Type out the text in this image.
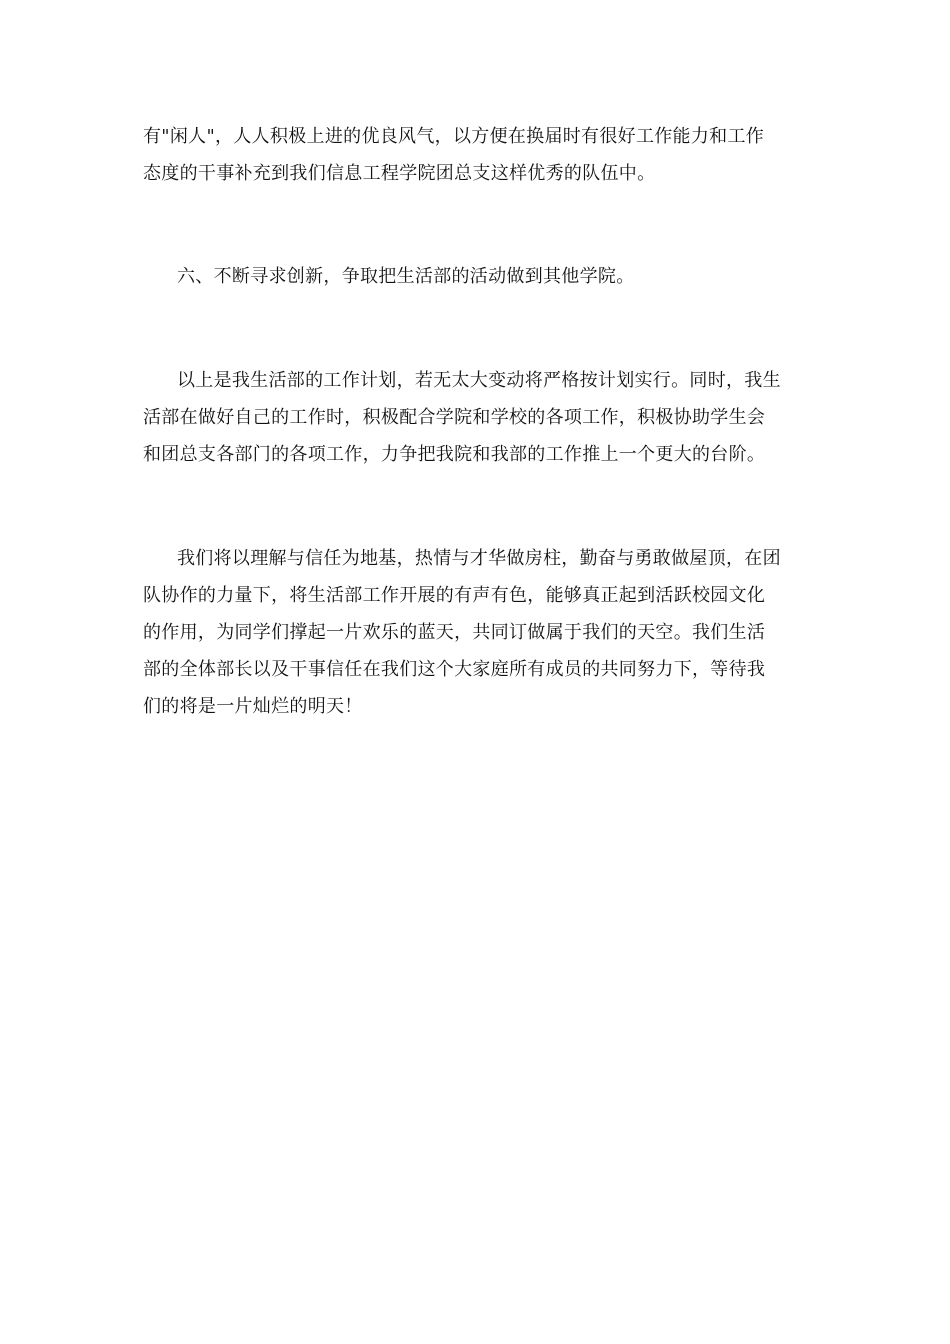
有"闲人"，人人积极上进的优良风气，以方便在换届时有很好工作能力和工作
态度的干事补充到我们信息工程学院团总支这样优秀的队伍中。

六、不断寻求创新，争取把生活部的活动做到其他学院。

以上是我生活部的工作计划，若无太大变动将严格按计划实行。同时，我生
活部在做好自己的工作时，积极配合学院和学校的各项工作，积极协助学生会
和团总支各部门的各项工作，力争把我院和我部的工作推上一个更大的台阶。

我们将以理解与信任为地基，热情与才华做房柱，勤奋与勇敢做屋顶，在团
队协作的力量下，将生活部工作开展的有声有色，能够真正起到活跃校园文化
的作用，为同学们撑起一片欢乐的蓝天，共同订做属于我们的天空。我们生活
部的全体部长以及干事信任在我们这个大家庭所有成员的共同努力下，等待我
们的将是一片灿烂的明天！
